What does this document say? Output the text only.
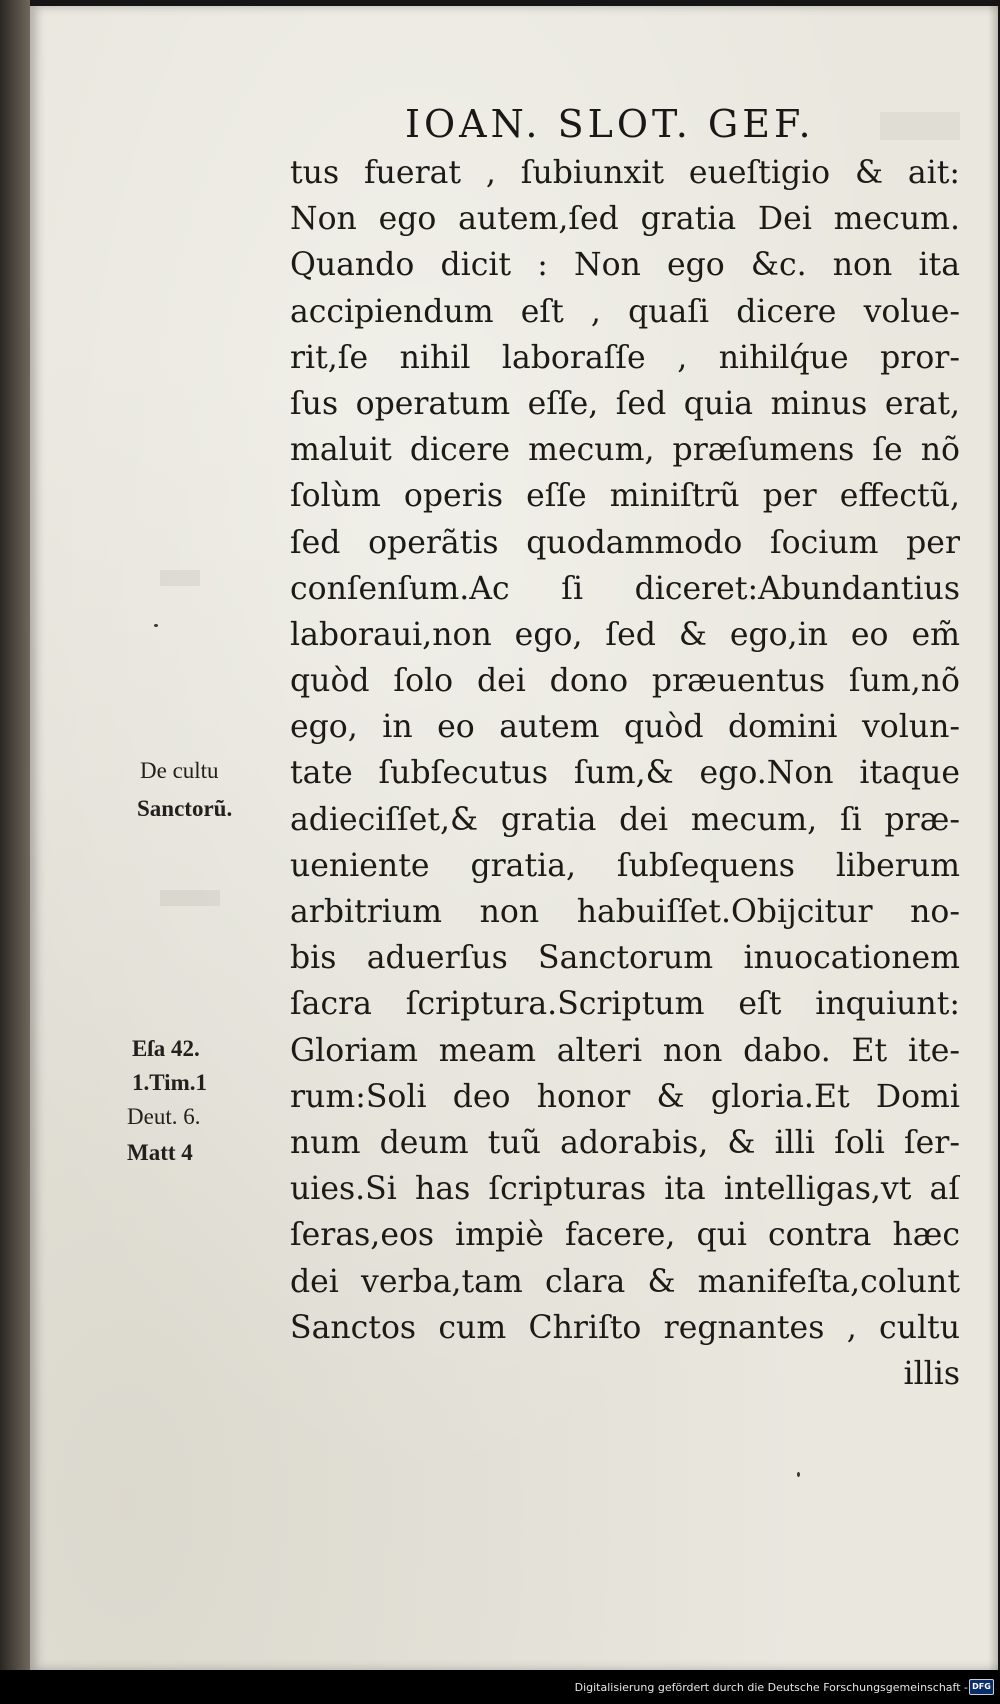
IOAN. SLOT. GEF.
tus fuerat , ſubiunxit eueſtigio & ait:
Non ego autem,ſed gratia Dei mecum.
Quando dicit : Non ego &c. non ita
accipiendum eſt , quaſi dicere volue-
rit,ſe nihil laboraſſe , nihilq́ue pror-
ſus operatum eſſe, ſed quia minus erat,
maluit dicere mecum, præſumens ſe nõ
ſolùm operis eſſe miniſtrũ per effectũ,
ſed operãtis quodammodo ſocium per
conſenſum.Ac ſi diceret:Abundantius
laboraui,non ego, ſed & ego,in eo em̃
quòd ſolo dei dono præuentus ſum,nõ
ego, in eo autem quòd domini volun-
tate ſubſecutus ſum,& ego.Non itaque
adieciſſet,& gratia dei mecum, ſi præ-
ueniente gratia, ſubſequens liberum
arbitrium non habuiſſet.Obijcitur no-
bis aduerſus Sanctorum inuocationem
ſacra ſcriptura.Scriptum eſt inquiunt:
Gloriam meam alteri non dabo. Et ite-
rum:Soli deo honor & gloria.Et Domi
num deum tuũ adorabis, & illi ſoli ſer-
uies.Si has ſcripturas ita intelligas,vt aſ
ſeras,eos impiè facere, qui contra hæc
dei verba,tam clara & manifeſta,colunt
Sanctos cum Chriſto regnantes , cultu
illis
De cultu
Sanctorũ.
Eſa 42.
1.Tim.1
Deut. 6.
Matt 4
Digitalisierung gefördert durch die Deutsche Forschungsgemeinschaft - DFG
